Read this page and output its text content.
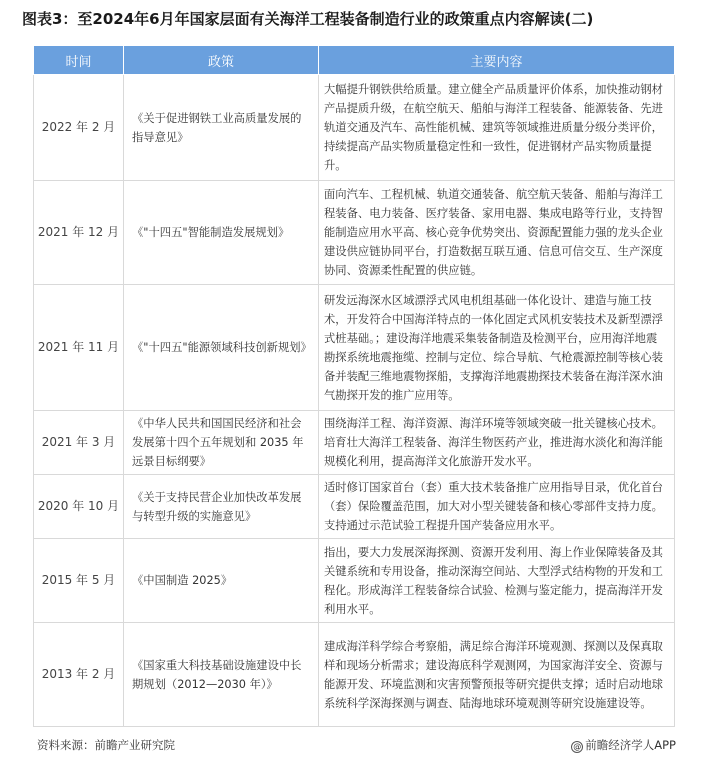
图表3：至2024年6月年国家层面有关海洋工程装备制造行业的政策重点内容解读(二)
时间	政策	主要内容
2022 年 2 月	《关于促进钢铁工业高质量发展的指导意见》	大幅提升钢铁供给质量。建立健全产品质量评价体系，加快推动钢材产品提质升级，在航空航天、船舶与海洋工程装备、能源装备、先进轨道交通及汽车、高性能机械、建筑等领域推进质量分级分类评价，持续提高产品实物质量稳定性和一致性，促进钢材产品实物质量提升。
2021 年 12 月	《"十四五"智能制造发展规划》	面向汽车、工程机械、轨道交通装备、航空航天装备、船舶与海洋工程装备、电力装备、医疗装备、家用电器、集成电路等行业，支持智能制造应用水平高、核心竞争优势突出、资源配置能力强的龙头企业建设供应链协同平台，打造数据互联互通、信息可信交互、生产深度协同、资源柔性配置的供应链。
2021 年 11 月	《"十四五"能源领域科技创新规划》	研发远海深水区域漂浮式风电机组基础一体化设计、建造与施工技术，开发符合中国海洋特点的一体化固定式风机安装技术及新型漂浮式桩基础。；建设海洋地震采集装备制造及检测平台，应用海洋地震勘探系统地震拖缆、控制与定位、综合导航、气枪震源控制等核心装备并装配三维地震物探船，支撑海洋地震勘探技术装备在海洋深水油气勘探开发的推广应用等。
2021 年 3 月	《中华人民共和国国民经济和社会发展第十四个五年规划和 2035 年远景目标纲要》	围绕海洋工程、海洋资源、海洋环境等领域突破一批关键核心技术。培育壮大海洋工程装备、海洋生物医药产业，推进海水淡化和海洋能规模化利用，提高海洋文化旅游开发水平。
2020 年 10 月	《关于支持民营企业加快改革发展与转型升级的实施意见》	适时修订国家首台（套）重大技术装备推广应用指导目录，优化首台（套）保险覆盖范围，加大对小型关键装备和核心零部件支持力度。支持通过示范试验工程提升国产装备应用水平。
2015 年 5 月	《中国制造 2025》	指出，要大力发展深海探测、资源开发利用、海上作业保障装备及其关键系统和专用设备，推动深海空间站、大型浮式结构物的开发和工程化。形成海洋工程装备综合试验、检测与鉴定能力，提高海洋开发利用水平。
2013 年 2 月	《国家重大科技基础设施建设中长期规划（2012—2030 年）》	建成海洋科学综合考察船，满足综合海洋环境观测、探测以及保真取样和现场分析需求；建设海底科学观测网，为国家海洋安全、资源与能源开发、环境监测和灾害预警预报等研究提供支撑；适时启动地球系统科学深海探测与调查、陆海地球环境观测等研究设施建设等。
资料来源：前瞻产业研究院	@ 前瞻经济学人APP
